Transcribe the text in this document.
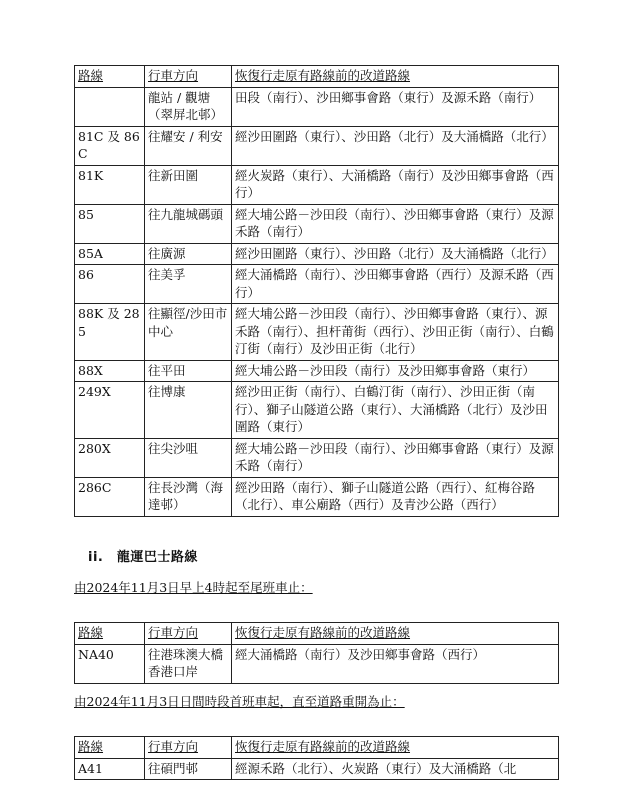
路線	行車方向	恢復行走原有路線前的改道路線
	龍站 / 觀塘（翠屏北邨）	田段（南行）、沙田鄉事會路（東行）及源禾路（南行）
81C 及 86C	往耀安 / 利安	經沙田圍路（東行）、沙田路（北行）及大涌橋路（北行）
81K	往新田圍	經火炭路（東行）、大涌橋路（南行）及沙田鄉事會路（西行）
85	往九龍城碼頭	經大埔公路－沙田段（南行）、沙田鄉事會路（東行）及源禾路（南行）
85A	往廣源	經沙田圍路（東行）、沙田路（北行）及大涌橋路（北行）
86	往美孚	經大涌橋路（南行）、沙田鄉事會路（西行）及源禾路（西行）
88K 及 285	往顯徑/沙田市中心	經大埔公路－沙田段（南行）、沙田鄉事會路（東行）、源禾路（南行）、担杆莆街（西行）、沙田正街（南行）、白鶴汀街（南行）及沙田正街（北行）
88X	往平田	經大埔公路－沙田段（南行）及沙田鄉事會路（東行）
249X	往博康	經沙田正街（南行）、白鶴汀街（南行）、沙田正街（南行）、獅子山隧道公路（東行）、大涌橋路（北行）及沙田圍路（東行）
280X	往尖沙咀	經大埔公路－沙田段（南行）、沙田鄉事會路（東行）及源禾路（南行）
286C	往長沙灣（海達邨）	經沙田路（南行）、獅子山隧道公路（西行）、紅梅谷路（北行）、車公廟路（西行）及青沙公路（西行）
ii.　龍運巴士路線
由2024年11月3日早上4時起至尾班車止：
路線	行車方向	恢復行走原有路線前的改道路線
NA40	往港珠澳大橋香港口岸	經大涌橋路（南行）及沙田鄉事會路（西行）
由2024年11月3日日間時段首班車起，直至道路重開為止：
路線	行車方向	恢復行走原有路線前的改道路線
A41	往碩門邨	經源禾路（北行）、火炭路（東行）及大涌橋路（北
